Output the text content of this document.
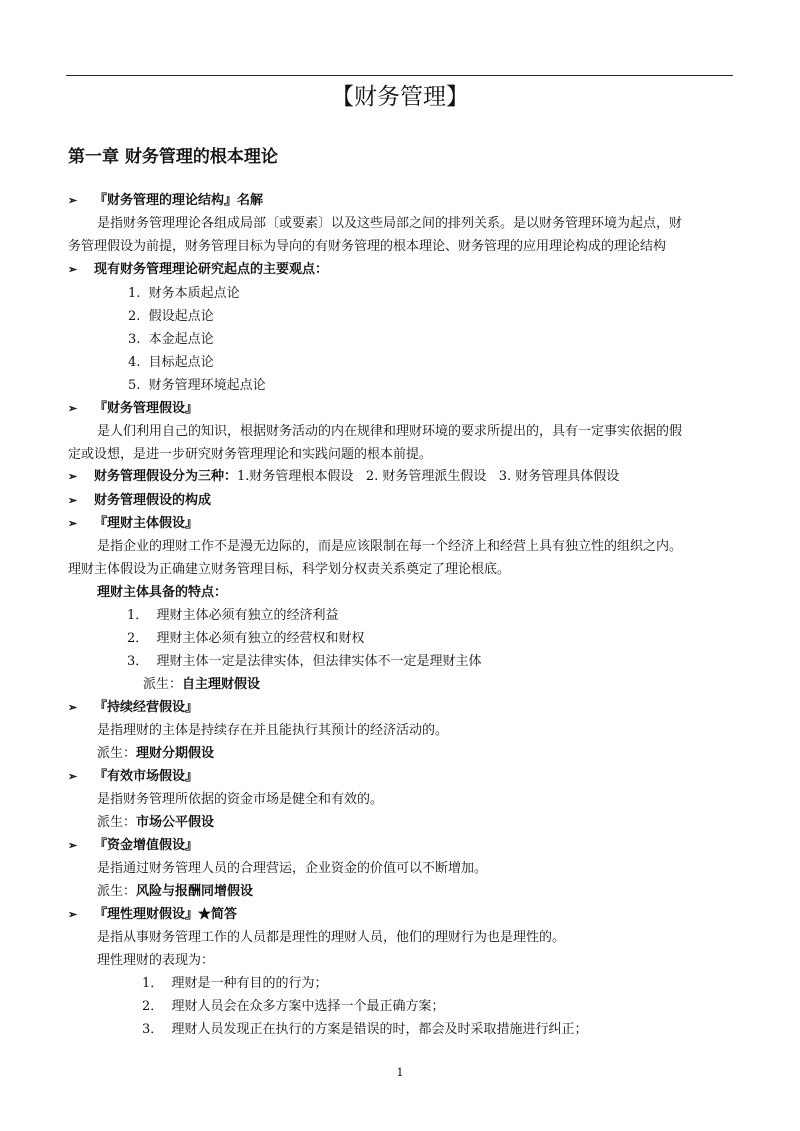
【财务管理】
第一章 财务管理的根本理论
➢ 『财务管理的理论结构』名解
是指财务管理理论各组成局部〔或要素〕以及这些局部之间的排列关系。是以财务管理环境为起点，财
务管理假设为前提，财务管理目标为导向的有财务管理的根本理论、财务管理的应用理论构成的理论结构
➢ 现有财务管理理论研究起点的主要观点：
1.  财务本质起点论
2.  假设起点论
3.  本金起点论
4.  目标起点论
5.  财务管理环境起点论
➢ 『财务管理假设』
是人们利用自己的知识，根据财务活动的内在规律和理财环境的要求所提出的，具有一定事实依据的假
定或设想，是进一步研究财务管理理论和实践问题的根本前提。
➢ 财务管理假设分为三种：1.财务管理根本假设   2. 财务管理派生假设   3. 财务管理具体假设
➢ 财务管理假设的构成
➢ 『理财主体假设』
是指企业的理财工作不是漫无边际的，而是应该限制在每一个经济上和经营上具有独立性的组织之内。
理财主体假设为正确建立财务管理目标，科学划分权责关系奠定了理论根底。
理财主体具备的特点：
1．  理财主体必须有独立的经济利益
2．  理财主体必须有独立的经营权和财权
3．  理财主体一定是法律实体，但法律实体不一定是理财主体
派生：自主理财假设
➢ 『持续经营假设』
是指理财的主体是持续存在并且能执行其预计的经济活动的。
派生：理财分期假设
➢ 『有效市场假设』
是指财务管理所依据的资金市场是健全和有效的。
派生：市场公平假设
➢ 『资金增值假设』
是指通过财务管理人员的合理营运，企业资金的价值可以不断增加。
派生：风险与报酬同增假设
➢ 『理性理财假设』★简答
是指从事财务管理工作的人员都是理性的理财人员，他们的理财行为也是理性的。
理性理财的表现为：
1．  理财是一种有目的的行为；
2．  理财人员会在众多方案中选择一个最正确方案；
3．  理财人员发现正在执行的方案是错误的时，都会及时采取措施进行纠正；
1
